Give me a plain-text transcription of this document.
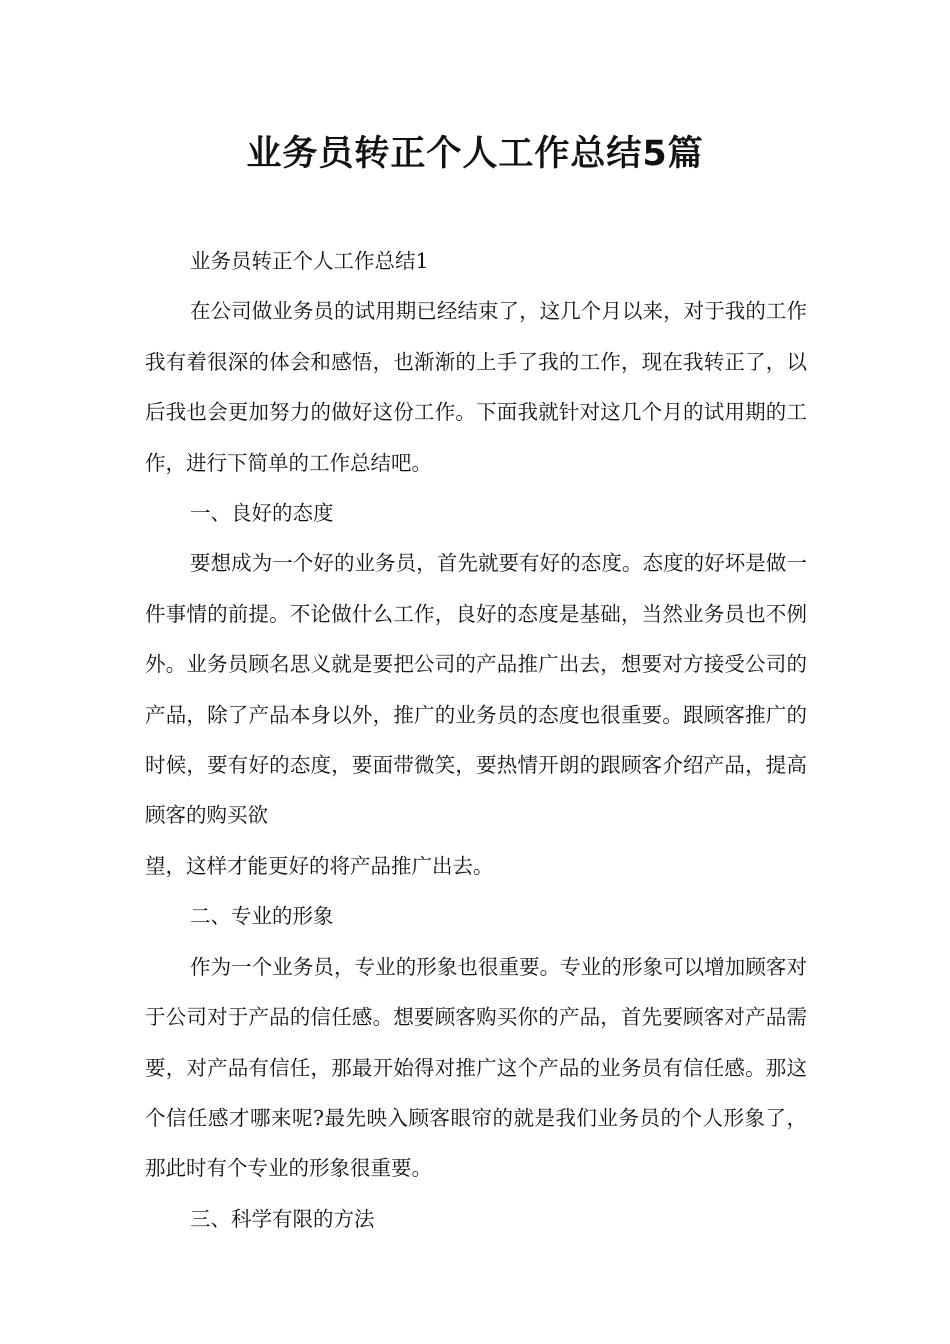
业务员转正个人工作总结5篇

业务员转正个人工作总结1

在公司做业务员的试用期已经结束了，这几个月以来，对于我的工作我有着很深的体会和感悟，也渐渐的上手了我的工作，现在我转正了，以后我也会更加努力的做好这份工作。下面我就针对这几个月的试用期的工作，进行下简单的工作总结吧。

一、良好的态度

要想成为一个好的业务员，首先就要有好的态度。态度的好坏是做一件事情的前提。不论做什么工作，良好的态度是基础，当然业务员也不例外。业务员顾名思义就是要把公司的产品推广出去，想要对方接受公司的产品，除了产品本身以外，推广的业务员的态度也很重要。跟顾客推广的时候，要有好的态度，要面带微笑，要热情开朗的跟顾客介绍产品，提高顾客的购买欲

望，这样才能更好的将产品推广出去。

二、专业的形象

作为一个业务员，专业的形象也很重要。专业的形象可以增加顾客对于公司对于产品的信任感。想要顾客购买你的产品，首先要顾客对产品需要，对产品有信任，那最开始得对推广这个产品的业务员有信任感。那这个信任感才哪来呢?最先映入顾客眼帘的就是我们业务员的个人形象了，那此时有个专业的形象很重要。

三、科学有限的方法
